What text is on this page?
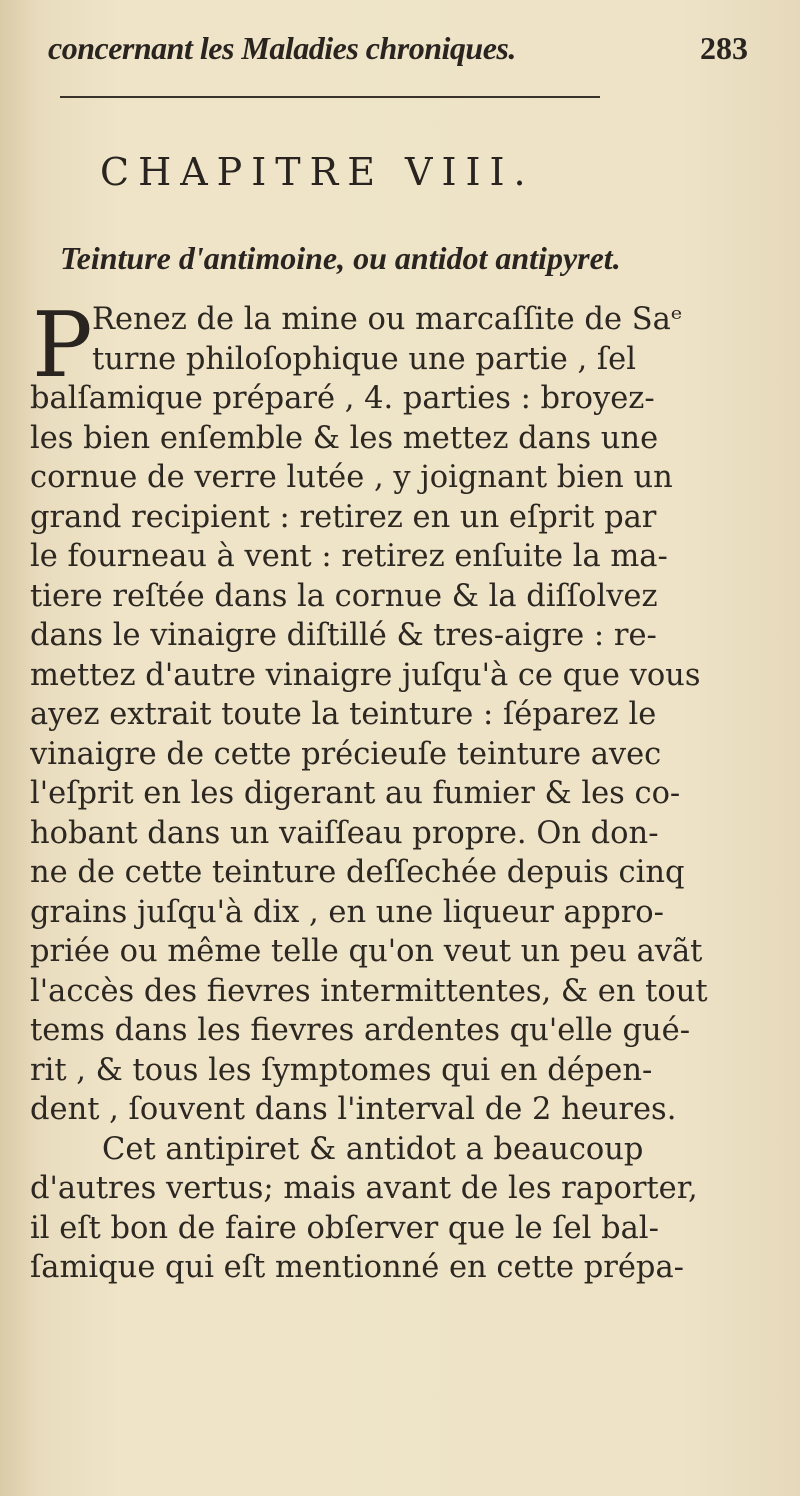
concernant les Maladies chroniques.	283
CHAPITRE VIII.
Teinture d'antimoine, ou antidot antipyret.
P Renez de la mine ou marcaſſite de Saᵉ
turne philoſophique une partie , ſel
balſamique préparé , 4. parties : broyez-
les bien enſemble & les mettez dans une
cornue de verre lutée , y joignant bien un
grand recipient : retirez en un eſprit par
le fourneau à vent : retirez enſuite la ma-
tiere reſtée dans la cornue & la diſſolvez
dans le vinaigre diſtillé & tres-aigre : re-
mettez d'autre vinaigre juſqu'à ce que vous
ayez extrait toute la teinture : ſéparez le
vinaigre de cette précieuſe teinture avec
l'eſprit en les digerant au fumier & les co-
hobant dans un vaiſſeau propre. On don-
ne de cette teinture deſſechée depuis cinq
grains juſqu'à dix , en une liqueur appro-
priée ou même telle qu'on veut un peu avãt
l'accès des fievres intermittentes, & en tout
tems dans les fievres ardentes qu'elle gué-
rit , & tous les ſymptomes qui en dépen-
dent , ſouvent dans l'interval de 2 heures.
Cet antipiret & antidot a beaucoup
d'autres vertus; mais avant de les raporter,
il eſt bon de faire obſerver que le ſel bal-
ſamique qui eſt mentionné en cette prépa-
